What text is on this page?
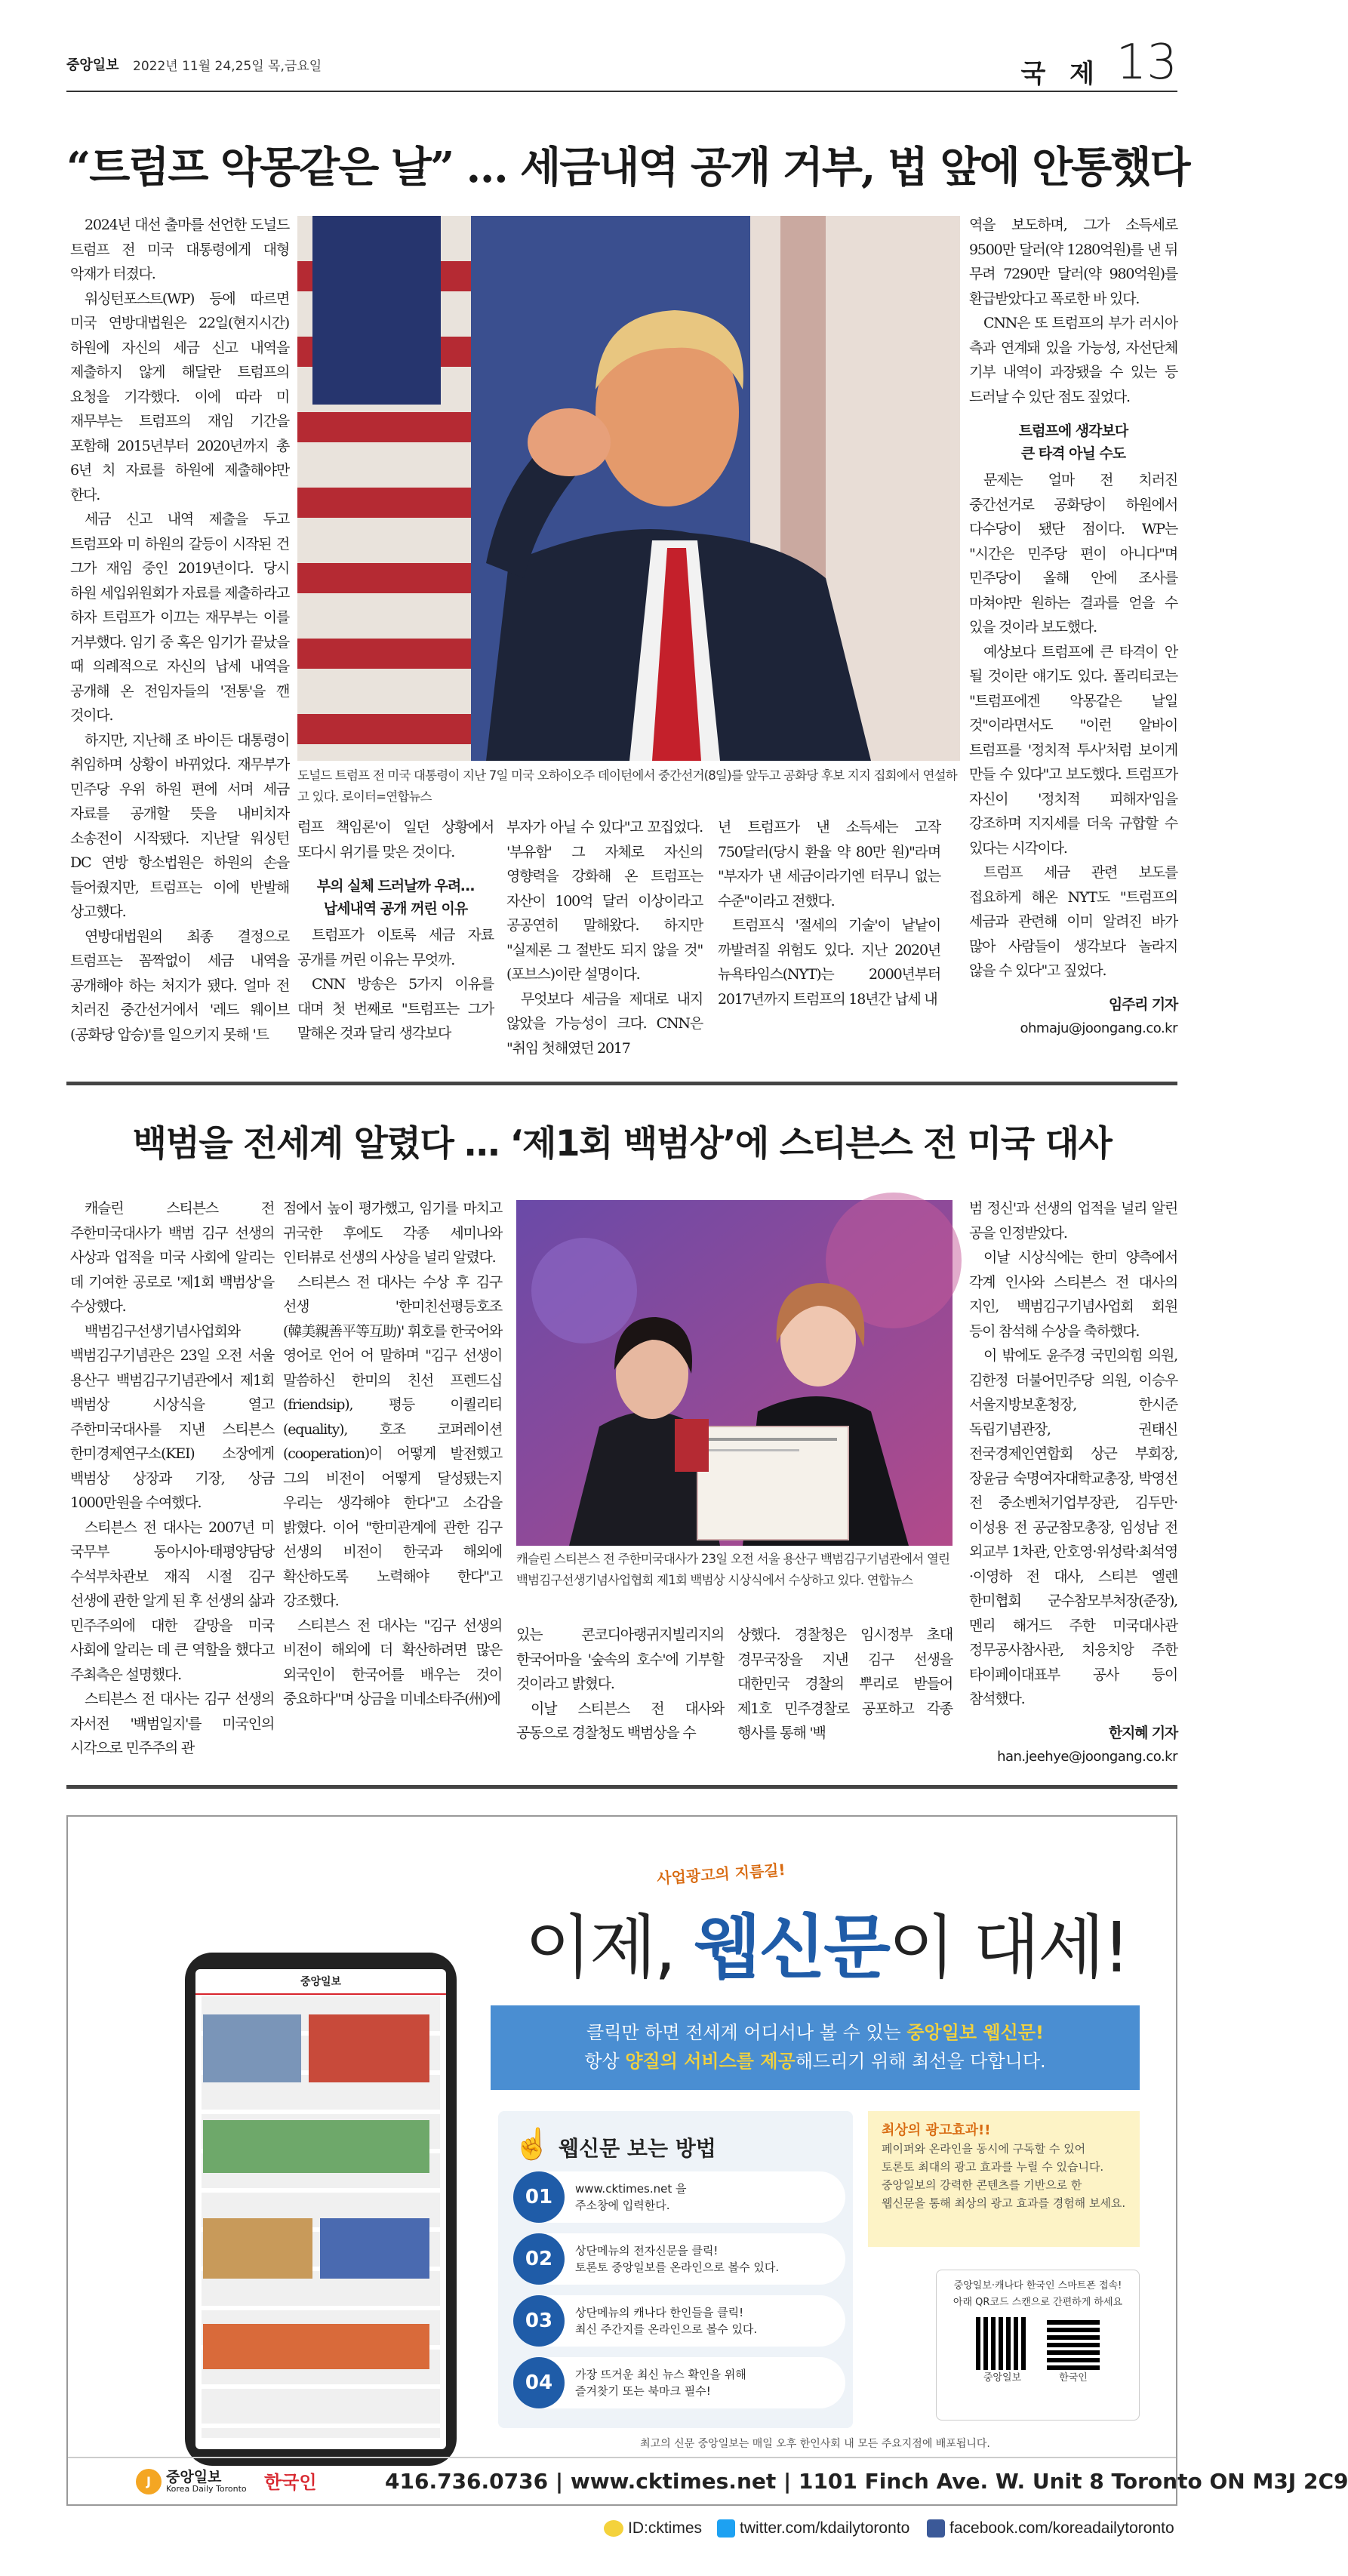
중앙일보 2022년 11월 24,25일 목,금요일	국 제 13
“트럼프 악몽같은 날” … 세금내역 공개 거부, 법 앞에 안통했다

2024년 대선 출마를 선언한 도널드 트럼프 전 미국 대통령에게 대형 악재가 터졌다.

워싱턴포스트(WP) 등에 따르면 미국 연방대법원은 22일(현지시간) 하원에 자신의 세금 신고 내역을 제출하지 않게 해달란 트럼프의 요청을 기각했다. 이에 따라 미 재무부는 트럼프의 재임 기간을 포함해 2015년부터 2020년까지 총 6년 치 자료를 하원에 제출해야만 한다.

세금 신고 내역 제출을 두고 트럼프와 미 하원의 갈등이 시작된 건 그가 재임 중인 2019년이다. 당시 하원 세입위원회가 자료를 제출하라고 하자 트럼프가 이끄는 재무부는 이를 거부했다. 임기 중 혹은 임기가 끝났을 때 의례적으로 자신의 납세 내역을 공개해 온 전임자들의 '전통'을 깬 것이다.

하지만, 지난해 조 바이든 대통령이 취임하며 상황이 바뀌었다. 재무부가 민주당 우위 하원 편에 서며 세금 자료를 공개할 뜻을 내비치자 소송전이 시작됐다. 지난달 워싱턴 DC 연방 항소법원은 하원의 손을 들어줬지만, 트럼프는 이에 반발해 상고했다.

연방대법원의 최종 결정으로 트럼프는 꼼짝없이 세금 내역을 공개해야 하는 처지가 됐다. 얼마 전 치러진 중간선거에서 '레드 웨이브(공화당 압승)'를 일으키지 못해 '트

도널드 트럼프 전 미국 대통령이 지난 7일 미국 오하이오주 데이턴에서 중간선거(8일)를 앞두고 공화당 후보 지지 집회에서 연설하고 있다. 로이터=연합뉴스

럼프 책임론'이 일던 상황에서 또다시 위기를 맞은 것이다.

부의 실체 드러날까 우려…
납세내역 공개 꺼린 이유

트럼프가 이토록 세금 자료 공개를 꺼린 이유는 무엇까.

CNN 방송은 5가지 이유를 대며 첫 번째로 "트럼프는 그가 말해온 것과 달리 생각보다

부자가 아닐 수 있다"고 꼬집었다. '부유함' 그 자체로 자신의 영향력을 강화해 온 트럼프는 자산이 100억 달러 이상이라고 공공연히 말해왔다. 하지만 "실제론 그 절반도 되지 않을 것"(포브스)이란 설명이다.

무엇보다 세금을 제대로 내지 않았을 가능성이 크다. CNN은 "취임 첫해였던 2017

년 트럼프가 낸 소득세는 고작 750달러(당시 환율 약 80만 원)"라며 "부자가 낸 세금이라기엔 터무니 없는 수준"이라고 전했다.

트럼프식 '절세의 기술'이 낱낱이 까발려질 위험도 있다. 지난 2020년 뉴욕타임스(NYT)는 2000년부터 2017년까지 트럼프의 18년간 납세 내

역을 보도하며, 그가 소득세로 9500만 달러(약 1280억원)를 낸 뒤 무려 7290만 달러(약 980억원)를 환급받았다고 폭로한 바 있다.

CNN은 또 트럼프의 부가 러시아 측과 연계돼 있을 가능성, 자선단체 기부 내역이 과장됐을 수 있는 등 드러날 수 있단 점도 짚었다.

트럼프에 생각보다
큰 타격 아닐 수도

문제는 얼마 전 치러진 중간선거로 공화당이 하원에서 다수당이 됐단 점이다. WP는 "시간은 민주당 편이 아니다"며 민주당이 올해 안에 조사를 마쳐야만 원하는 결과를 얻을 수 있을 것이라 보도했다.

예상보다 트럼프에 큰 타격이 안 될 것이란 얘기도 있다. 폴리티코는 "트럼프에겐 악몽같은 날일 것"이라면서도 "이런 알바이 트럼프를 '정치적 투사'처럼 보이게 만들 수 있다"고 보도했다. 트럼프가 자신이 '정치적 피해자'임을 강조하며 지지세를 더욱 규합할 수 있다는 시각이다.

트럼프 세금 관련 보도를 접요하게 해온 NYT도 "트럼프의 세금과 관련해 이미 알려진 바가 많아 사람들이 생각보다 놀라지 않을 수 있다"고 짚었다.

임주리 기자
ohmaju@joongang.co.kr
백범을 전세계 알렸다 … ‘제1회 백범상’에 스티븐스 전 미국 대사

캐슬린 스티븐스 전 주한미국대사가 백범 김구 선생의 사상과 업적을 미국 사회에 알리는 데 기여한 공로로 '제1회 백범상'을 수상했다.

백범김구선생기념사업회와 백범김구기념관은 23일 오전 서울 용산구 백범김구기념관에서 제1회 백범상 시상식을 열고 주한미국대사를 지낸 스티븐스 한미경제연구소(KEI) 소장에게 백범상 상장과 기장, 상금 1000만원을 수여했다.

스티븐스 전 대사는 2007년 미 국무부 동아시아·태평양담당 수석부차관보 재직 시절 김구 선생에 관한 알게 된 후 선생의 삶과 민주주의에 대한 갈망을 미국 사회에 알리는 데 큰 역할을 했다고 주최측은 설명했다.

스티븐스 전 대사는 김구 선생의 자서전 '백범일지'를 미국인의 시각으로 민주주의 관

점에서 높이 평가했고, 임기를 마치고 귀국한 후에도 각종 세미나와 인터뷰로 선생의 사상을 널리 알렸다.

스티븐스 전 대사는 수상 후 김구 선생 '한미친선평등호조(韓美親善平等互助)' 휘호를 한국어와 영어로 언어 어 말하며 "김구 선생이 말씀하신 한미의 친선 프렌드십(friendsip), 평등 이퀄리티(equality), 호조 코퍼레이션(cooperation)이 어떻게 발전했고 그의 비전이 어떻게 달성됐는지 우리는 생각해야 한다"고 소감을 밝혔다. 이어 "한미관계에 관한 김구 선생의 비전이 한국과 해외에 확산하도록 노력해야 한다"고 강조했다.

스티븐스 전 대사는 "김구 선생의 비전이 해외에 더 확산하려면 많은 외국인이 한국어를 배우는 것이 중요하다"며 상금을 미네소타주(州)에

캐슬린 스티븐스 전 주한미국대사가 23일 오전 서울 용산구 백범김구기념관에서 열린 백범김구선생기념사업협회 제1회 백범상 시상식에서 수상하고 있다. 연합뉴스

있는 콘코디아랭귀지빌리지의 한국어마을 '숲속의 호수'에 기부할 것이라고 밝혔다.

이날 스티븐스 전 대사와 공동으로 경찰청도 백범상을 수

상했다. 경찰청은 임시정부 초대 경무국장을 지낸 김구 선생을 대한민국 경찰의 뿌리로 받들어 제1호 민주경찰로 공포하고 각종 행사를 통해 '백

범 정신'과 선생의 업적을 널리 알린 공을 인정받았다.

이날 시상식에는 한미 양측에서 각계 인사와 스티븐스 전 대사의 지인, 백범김구기념사업회 회원 등이 참석해 수상을 축하했다.

이 밖에도 윤주경 국민의힘 의원, 김한정 더불어민주당 의원, 이승우 서울지방보훈청장, 한시준 독립기념관장, 권태신 전국경제인연합회 상근 부회장, 장윤금 숙명여자대학교총장, 박영선 전 중소벤처기업부장관, 김두만·이성용 전 공군참모총장, 임성남 전 외교부 1차관, 안호영·위성락·최석영·이영하 전 대사, 스티븐 엘렌 한미협회 군수참모부처장(준장), 멘리 해거드 주한 미국대사관 정무공사참사관, 치응치앙 주한 타이페이대표부 공사 등이 참석했다.

한지혜 기자
han.jeehye@joongang.co.kr
중앙일보
사업광고의 지름길!
이제, 웹신문이 대세!
클릭만 하면 전세계 어디서나 볼 수 있는 중앙일보 웹신문!
항상 양질의 서비스를 제공해드리기 위해 최선을 다합니다.
☝ 웹신문 보는 방법
01	www.cktimes.net 을
주소창에 입력한다.
02	상단메뉴의 전자신문을 클릭!
토론토 중앙일보를 온라인으로 볼수 있다.
03	상단메뉴의 캐나다 한인들을 클릭!
최신 주간지를 온라인으로 볼수 있다.
04	가장 뜨거운 최신 뉴스 확인을 위해
즐겨찾기 또는 북마크 필수!
최상의 광고효과!!
페이퍼와 온라인을 동시에 구독할 수 있어
토론토 최대의 광고 효과를 누릴 수 있습니다.
중앙일보의 강력한 콘텐츠를 기반으로 한
웹신문을 통해 최상의 광고 효과를 경험해 보세요.
중앙일보·캐나다 한국인 스마트폰 접속!
아래 QR코드 스캔으로 간편하게 하세요
중앙일보	한국인
최고의 신문 중앙일보는 매일 오후 한인사회 내 모든 주요지점에 배포됩니다.
J	중앙일보
Korea Daily Toronto 한국인	416.736.0736 | www.cktimes.net | 1101 Finch Ave. W. Unit 8 Toronto ON M3J 2C9
ID:cktimes	twitter.com/kdailytoronto	facebook.com/koreadailytoronto
